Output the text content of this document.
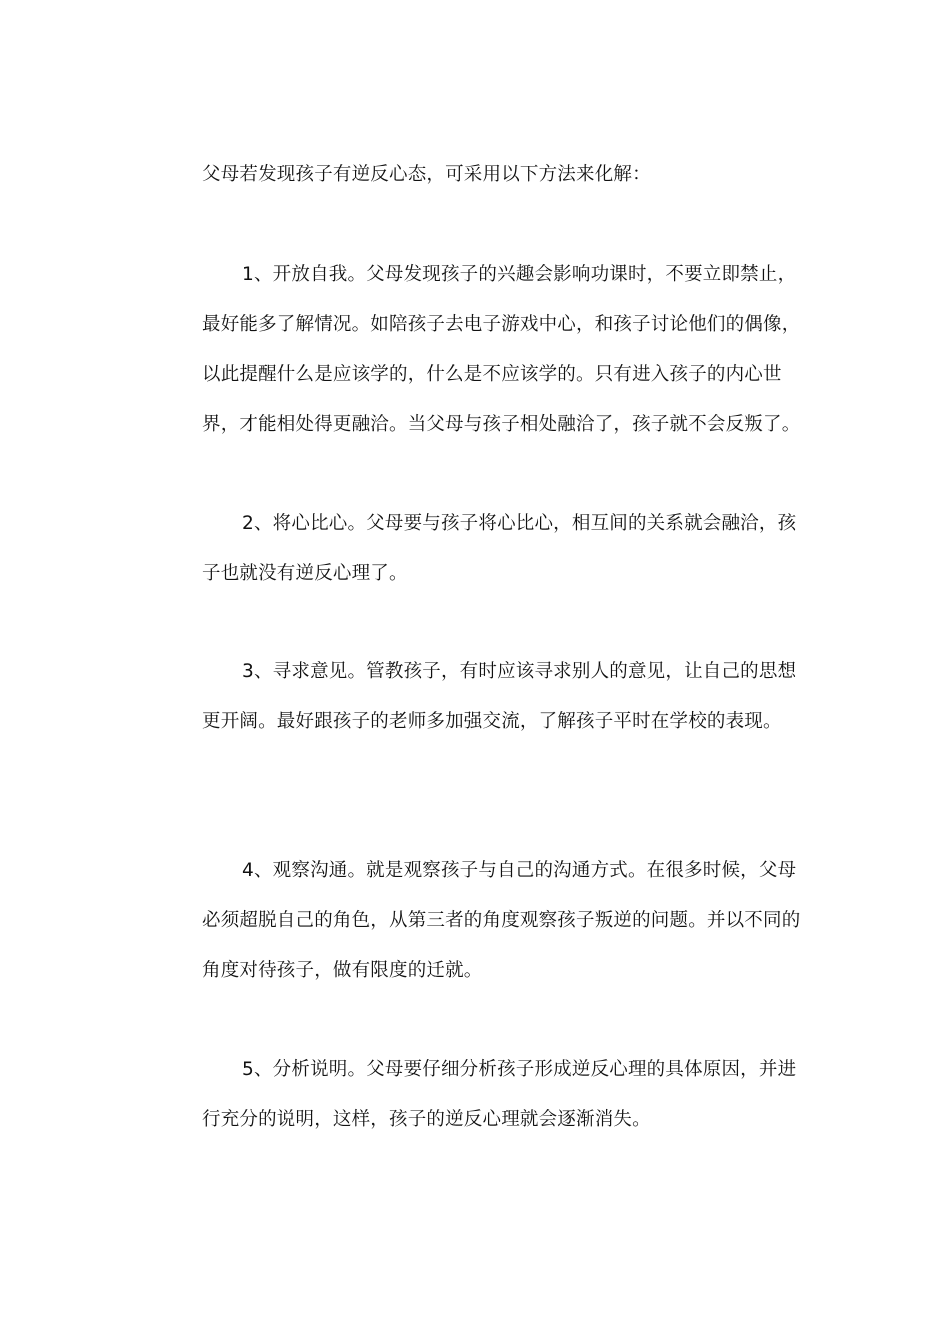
父母若发现孩子有逆反心态，可采用以下方法来化解：

1、开放自我。父母发现孩子的兴趣会影响功课时，不要立即禁止，最好能多了解情况。如陪孩子去电子游戏中心，和孩子讨论他们的偶像，以此提醒什么是应该学的，什么是不应该学的。只有进入孩子的内心世界，才能相处得更融洽。当父母与孩子相处融洽了，孩子就不会反叛了。

2、将心比心。父母要与孩子将心比心，相互间的关系就会融洽，孩子也就没有逆反心理了。

3、寻求意见。管教孩子，有时应该寻求别人的意见，让自己的思想更开阔。最好跟孩子的老师多加强交流，了解孩子平时在学校的表现。

4、观察沟通。就是观察孩子与自己的沟通方式。在很多时候，父母必须超脱自己的角色，从第三者的角度观察孩子叛逆的问题。并以不同的角度对待孩子，做有限度的迁就。

5、分析说明。父母要仔细分析孩子形成逆反心理的具体原因，并进行充分的说明，这样，孩子的逆反心理就会逐渐消失。
